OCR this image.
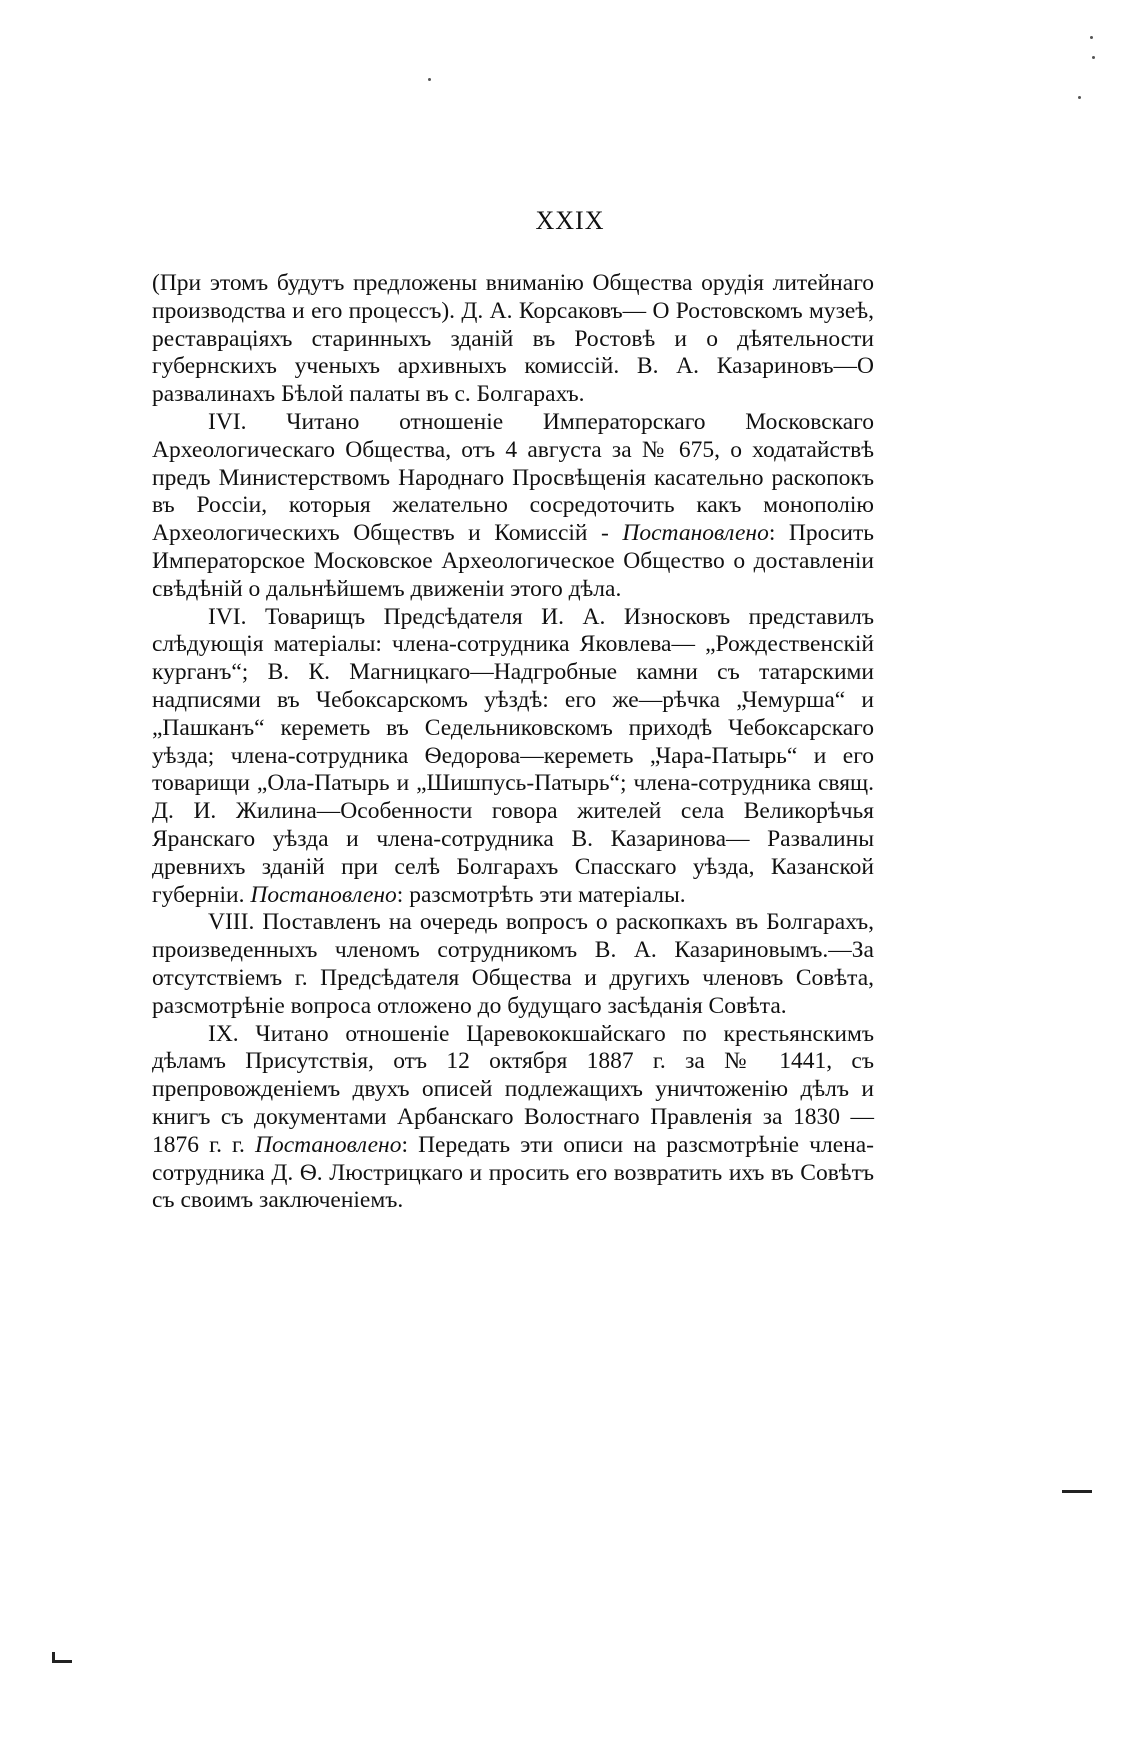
XXIX

(При этомъ будутъ предложены вниманію Общества орудія литейнаго производства и его процессъ). Д. А. Корсаковъ— О Ростовскомъ музеѣ, реставраціяхъ старинныхъ зданій въ Ростовѣ и о дѣятельности губернскихъ ученыхъ архивныхъ комиссій. В. А. Казариновъ—О развалинахъ Бѣлой палаты въ с. Болгарахъ.

IVI. Читано отношеніе Императорскаго Московскаго Археологическаго Общества, отъ 4 августа за № 675, о ходатайствѣ предъ Министерствомъ Народнаго Просвѣщенія касательно раскопокъ въ Россіи, которыя желательно сосредоточить какъ монополію Археологическихъ Обществъ и Комиссій - Постановлено: Просить Императорское Московское Археологическое Общество о доставленіи свѣдѣній о дальнѣйшемъ движеніи этого дѣла.

IVI. Товарищъ Предсѣдателя И. А. Износковъ представилъ слѣдующія матеріалы: члена-сотрудника Яковлева— „Рождественскій курганъ“; В. К. Магницкаго—Надгробные камни съ татарскими надписями въ Чебоксарскомъ уѣздѣ: его же—рѣчка „Чемурша“ и „Пашканъ“ кереметь въ Седельниковскомъ приходѣ Чебоксарскаго уѣзда; члена-сотрудника Ѳедорова—кереметь „Чара-Патырь“ и его товарищи „Ола-Патырь и „Шишпусь-Патырь“; члена-сотрудника свящ. Д. И. Жилина—Особенности говора жителей села Великорѣчья Яранскаго уѣзда и члена-сотрудника В. Казаринова— Развалины древнихъ зданій при селѣ Болгарахъ Спасскаго уѣзда, Казанской губерніи. Постановлено: разсмотрѣть эти матеріалы.

VIII. Поставленъ на очередь вопросъ о раскопкахъ въ Болгарахъ, произведенныхъ членомъ сотрудникомъ В. А. Казариновымъ.—За отсутствіемъ г. Предсѣдателя Общества и другихъ членовъ Совѣта, разсмотрѣніе вопроса отложено до будущаго засѣданія Совѣта.

IX. Читано отношеніе Царевококшайскаго по крестьянскимъ дѣламъ Присутствія, отъ 12 октября 1887 г. за № 1441, съ препровожденіемъ двухъ описей подлежащихъ уничтоженію дѣлъ и книгъ съ документами Арбанскаго Волостнаго Правленія за 1830 —1876 г. г. Постановлено: Передать эти описи на разсмотрѣніе члена-сотрудника Д. Ѳ. Люстрицкаго и просить его возвратить ихъ въ Совѣтъ съ своимъ заключеніемъ.
